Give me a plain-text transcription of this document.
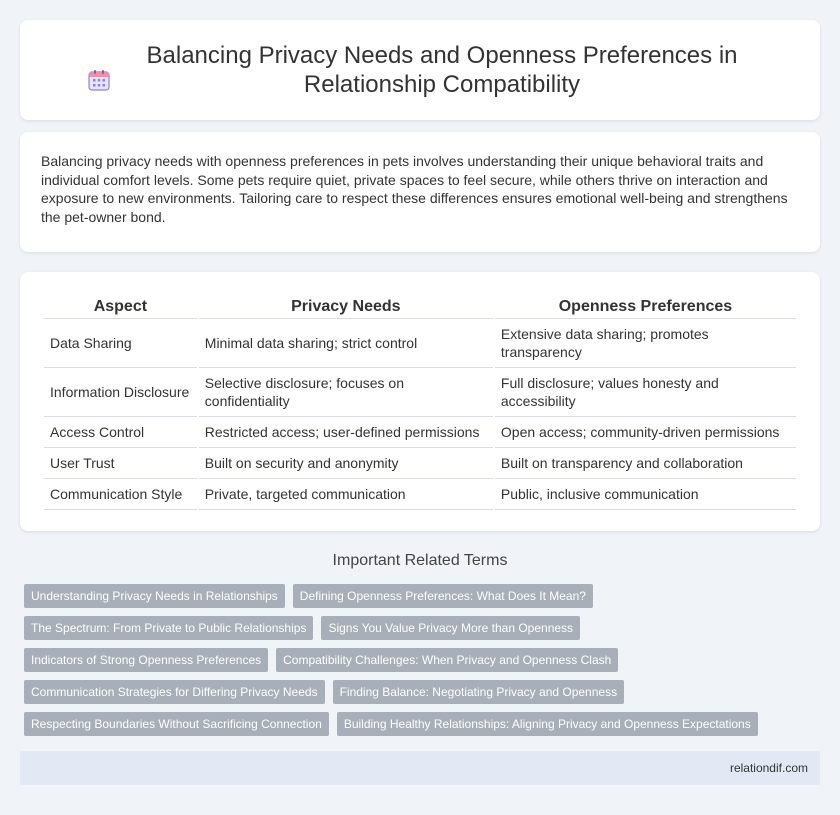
Balancing Privacy Needs and Openness Preferences in Relationship Compatibility

Balancing privacy needs with openness preferences in pets involves understanding their unique behavioral traits and individual comfort levels. Some pets require quiet, private spaces to feel secure, while others thrive on interaction and exposure to new environments. Tailoring care to respect these differences ensures emotional well-being and strengthens the pet-owner bond.

Aspect	Privacy Needs	Openness Preferences
Data Sharing	Minimal data sharing; strict control	Extensive data sharing; promotes transparency
Information Disclosure	Selective disclosure; focuses on confidentiality	Full disclosure; values honesty and accessibility
Access Control	Restricted access; user-defined permissions	Open access; community-driven permissions
User Trust	Built on security and anonymity	Built on transparency and collaboration
Communication Style	Private, targeted communication	Public, inclusive communication
Important Related Terms
Understanding Privacy Needs in Relationships	Defining Openness Preferences: What Does It Mean?
The Spectrum: From Private to Public Relationships	Signs You Value Privacy More than Openness
Indicators of Strong Openness Preferences	Compatibility Challenges: When Privacy and Openness Clash
Communication Strategies for Differing Privacy Needs	Finding Balance: Negotiating Privacy and Openness
Respecting Boundaries Without Sacrificing Connection	Building Healthy Relationships: Aligning Privacy and Openness Expectations
relationdif.com
